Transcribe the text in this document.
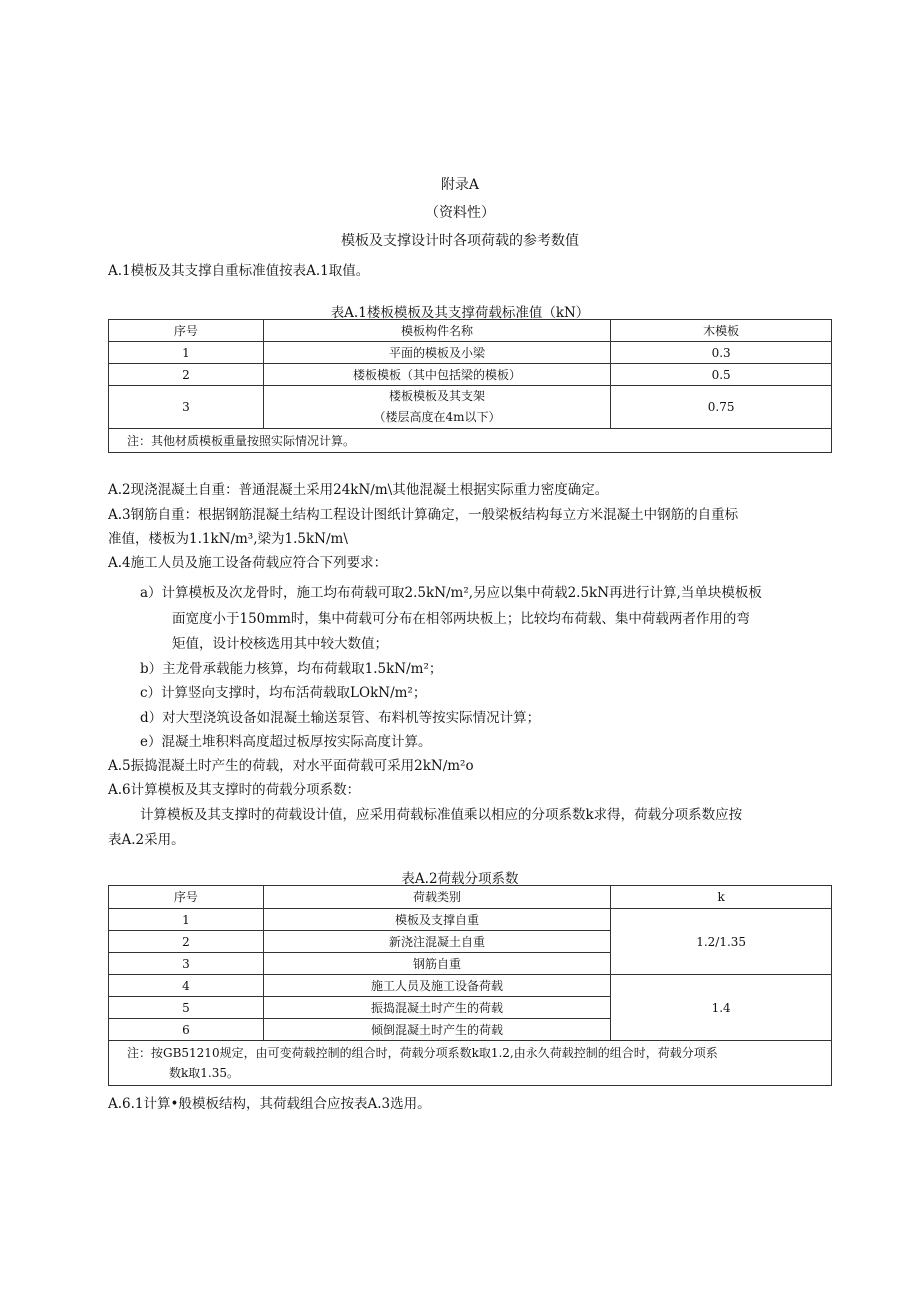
附录A
（资料性）
模板及支撑设计时各项荷载的参考数值
A.1模板及其支撑自重标准值按表A.1取值。
表A.1楼板模板及其支撑荷载标准值（kN）
序号	模板构件名称	木模板
1	平面的模板及小梁	0.3
2	楼板模板（其中包括梁的模板）	0.5
3	楼板模板及其支架
（楼层高度在4m以下）	0.75
注：其他材质模板重量按照实际情况计算。		
A.2现浇混凝土自重：普通混凝土采用24kN∕m\其他混凝土根据实际重力密度确定。
A.3钢筋自重：根据钢筋混凝土结构工程设计图纸计算确定，一般梁板结构每立方米混凝土中钢筋的自重标
准值，楼板为1.1kN∕m³,梁为1.5kN∕m\
A.4施工人员及施工设备荷载应符合下列要求：
a）计算模板及次龙骨时，施工均布荷载可取2.5kN∕m²,另应以集中荷载2.5kN再进行计算,当单块模板板
面宽度小于150mm时，集中荷载可分布在相邻两块板上；比较均布荷载、集中荷载两者作用的弯
矩值，设计校核选用其中较大数值；
b）主龙骨承载能力核算，均布荷载取1.5kN/m²；
c）计算竖向支撑时，均布活荷载取LOkN/m²；
d）对大型浇筑设备如混凝土输送泵管、布料机等按实际情况计算；
e）混凝土堆积料高度超过板厚按实际高度计算。
A.5振捣混凝土时产生的荷载，对水平面荷载可采用2kN∕m²o
A.6计算模板及其支撑时的荷载分项系数：
计算模板及其支撑时的荷载设计值，应采用荷载标准值乘以相应的分项系数k求得，荷载分项系数应按
表A.2采用。
表A.2荷载分项系数
序号	荷载类别	k
1	模板及支撑自重	1.2/1.35
2	新浇注混凝土自重	
3	钢筋自重	
4	施工人员及施工设备荷载	1.4
5	振捣混凝土时产生的荷载	
6	倾倒混凝土时产生的荷载	

注：按GB51210规定，由可变荷载控制的组合时，荷载分项系数k取1.2,由永久荷载控制的组合时，荷载分项系
数k取1.35。		
A.6.1计算•般模板结构，其荷载组合应按表A.3选用。
